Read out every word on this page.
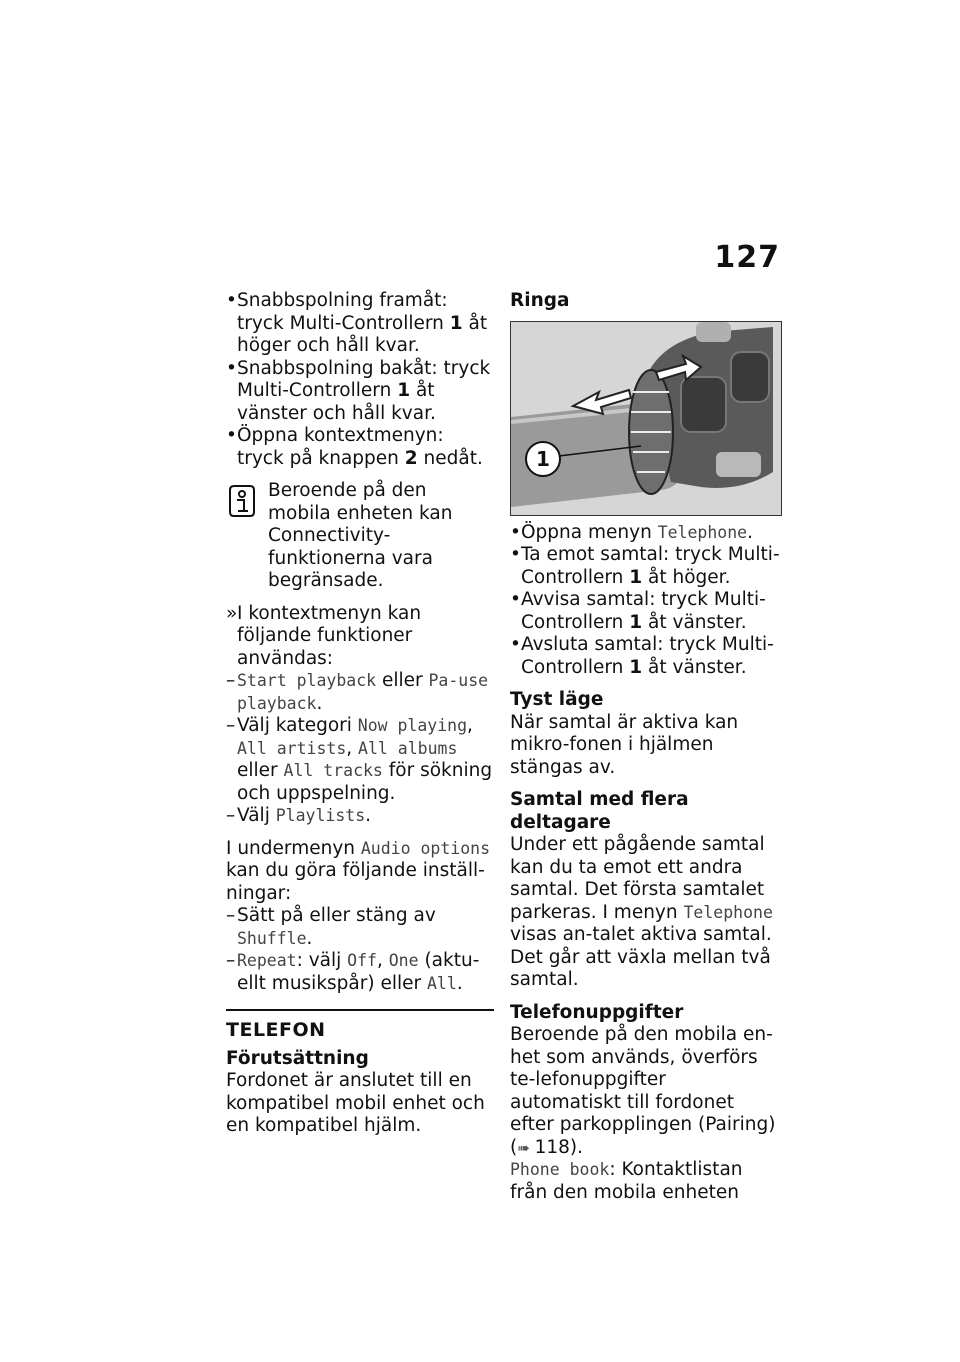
127
• Snabbspolning framåt: tryck Multi-Controllern 1 åt höger och håll kvar.
• Snabbspolning bakåt: tryck Multi-Controllern 1 åt vänster och håll kvar.
• Öppna kontextmenyn: tryck på knappen 2 nedåt.
Beroende på den mobila enheten kan Connectivity-funktionerna vara begränsade.
» I kontextmenyn kan följande funktioner användas:
– Start playback eller Pa-use playback.
– Välj kategori Now playing, All artists, All albums eller All tracks för sökning och uppspelning.
– Välj Playlists.

I undermenyn Audio options kan du göra följande inställ-ningar:

– Sätt på eller stäng av Shuffle.
– Repeat: välj Off, One (aktu-ellt musikspår) eller All.
TELEFON
Förutsättning

Fordonet är anslutet till en kompatibel mobil enhet och en kompatibel hjälm.

Ringa
1
• Öppna menyn Telephone.
• Ta emot samtal: tryck Multi-Controllern 1 åt höger.
• Avvisa samtal: tryck Multi-Controllern 1 åt vänster.
• Avsluta samtal: tryck Multi-Controllern 1 åt vänster.
Tyst läge

När samtal är aktiva kan mikro-fonen i hjälmen stängas av.

Samtal med flera deltagare

Under ett pågående samtal kan du ta emot ett andra samtal. Det första samtalet parkeras. I menyn Telephone visas an-talet aktiva samtal. Det går att växla mellan två samtal.

Telefonuppgifter

Beroende på den mobila en-het som används, överförs te-lefonuppgifter automatiskt till fordonet efter parkopplingen (Pairing) (➠ 118).

Phone book: Kontaktlistan från den mobila enheten
